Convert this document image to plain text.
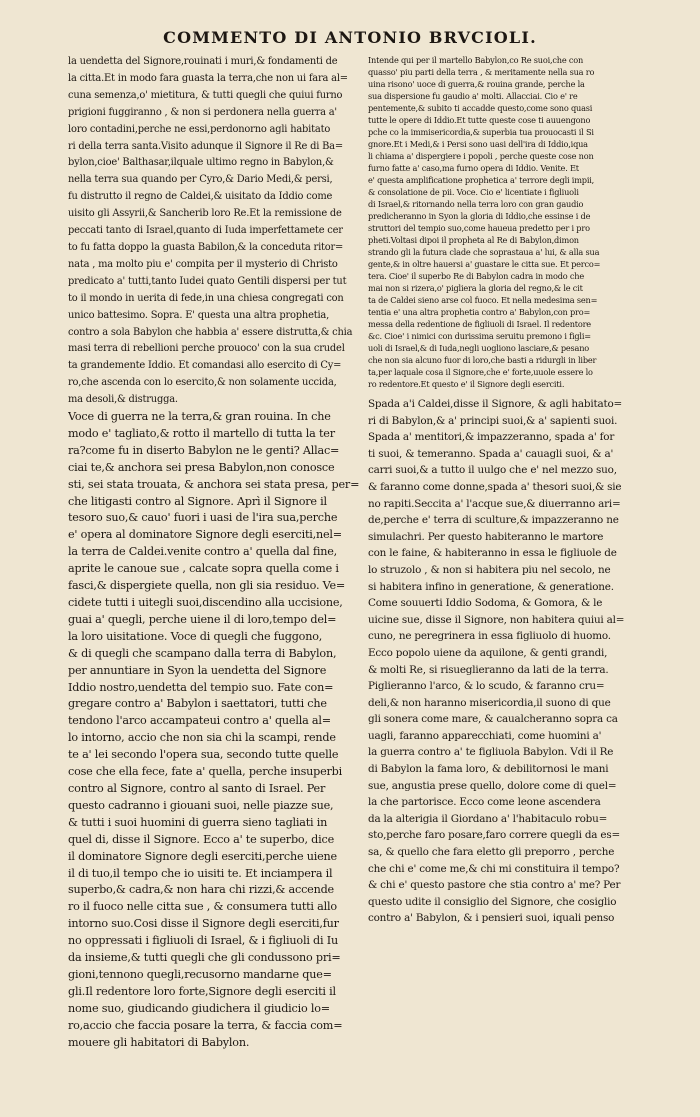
COMMENTO DI ANTONIO BRVCIOLI.
la uendetta del Signore,rouinati i muri,& fondamenti de
la citta.Et in modo fara guasta la terra,che non ui fara al=
cuna semenza,o' mietitura, & tutti quegli che quiui furno
prigioni fuggiranno , & non si perdonera nella guerra a'
loro contadini,perche ne essi,perdonorno agli habitato
ri della terra santa.Visito adunque il Signore il Re di Ba=
bylon,cioe' Balthasar,ilquale ultimo regno in Babylon,&
nella terra sua quando per Cyro,& Dario Medi,& persi,
fu distrutto il regno de Caldei,& uisitato da Iddio come
uisito gli Assyrii,& Sancherib loro Re.Et la remissione de
peccati tanto di Israel,quanto di Iuda imperfettamete cer
to fu fatta doppo la guasta Babilon,& la conceduta ritor=
nata , ma molto piu e' compita per il mysterio di Christo
predicato a' tutti,tanto Iudei quato Gentili dispersi per tut
to il mondo in uerita di fede,in una chiesa congregati con
unico battesimo. Sopra. E' questa una altra prophetia,
contro a sola Babylon che habbia a' essere distrutta,& chia
masi terra di rebellioni perche prouoco' con la sua crudel
ta grandemente Iddio. Et comandasi allo esercito di Cy=
ro,che ascenda con lo esercito,& non solamente uccida,
ma desoli,& distrugga.
Voce di guerra ne la terra,& gran rouina. In che
modo e' tagliato,& rotto il martello di tutta la ter
ra?come fu in diserto Babylon ne le genti? Allac=
ciai te,& anchora sei presa Babylon,non conosce
sti, sei stata trouata, & anchora sei stata presa, per=
che litigasti contro al Signore. Aprì il Signore il
tesoro suo,& cauo' fuori i uasi de l'ira sua,perche
e' opera al dominatore Signore degli eserciti,nel=
la terra de Caldei.venite contro a' quella dal fine,
aprite le canoue sue , calcate sopra quella come i
fasci,& dispergiete quella, non gli sia residuo. Ve=
cidete tutti i uitegli suoi,discendino alla uccisione,
guai a' quegli, perche uiene il di loro,tempo del=
la loro uisitatione. Voce di quegli che fuggono,
& di quegli che scampano dalla terra di Babylon,
per annuntiare in Syon la uendetta del Signore
Iddio nostro,uendetta del tempio suo. Fate con=
gregare contro a' Babylon i saettatori, tutti che
tendono l'arco accampateui contro a' quella al=
lo intorno, accio che non sia chi la scampi, rende
te a' lei secondo l'opera sua, secondo tutte quelle
cose che ella fece, fate a' quella, perche insuperbi
contro al Signore, contro al santo di Israel. Per
questo cadranno i giouani suoi, nelle piazze sue,
& tutti i suoi huomini di guerra sieno tagliati in
quel di, disse il Signore. Ecco a' te superbo, dice
il dominatore Signore degli eserciti,perche uiene
il di tuo,il tempo che io uisiti te. Et inciampera il
superbo,& cadra,& non hara chi rizzi,& accende
ro il fuoco nelle citta sue , & consumera tutti allo
intorno suo.Cosi disse il Signore degli eserciti,fur
no oppressati i figliuoli di Israel, & i figliuoli di Iu
da insieme,& tutti quegli che gli condussono pri=
gioni,tennono quegli,recusorno mandarne que=
gli.Il redentore loro forte,Signore degli eserciti il
nome suo, giudicando giudichera il giudicio lo=
ro,accio che faccia posare la terra, & faccia com=
mouere gli habitatori di Babylon.
Intende qui per il martello Babylon,co Re suoi,che con
quasso' piu parti della terra , & meritamente nella sua ro
uina risono' uoce di guerra,& rouina grande, perche la
sua dispersione fu gaudio a' molti. Allacciai. Cio e' re
pentemente,& subito ti accadde questo,come sono quasi
tutte le opere di Iddio.Et tutte queste cose ti auuengono
pche co la immisericordia,& superbia tua prouocasti il Si
gnore.Et i Medi,& i Persi sono uasi dell'ira di Iddio,iqua
li chiama a' dispergiere i popoli , perche queste cose non
furno fatte a' caso,ma furno opera di Iddio. Venite. Et
e' questa amplificatione prophetica a' terrore degli impii,
& consolatione de pii. Voce. Cio e' licentiate i figliuoli
di Israel,& ritornando nella terra loro con gran gaudio
predicheranno in Syon la gloria di Iddio,che essinse i de
struttori del tempio suo,come haueua predetto per i pro
pheti.Voltasi dipoi il propheta al Re di Babylon,dimon
strando gli la futura clade che soprastaua a' lui, & alla sua
gente,& in oltre hauersi a' guastare le citta sue. Et perco=
tera. Cioe' il superbo Re di Babylon cadra in modo che
mai non si rizera,o' pigliera la gloria del regno,& le cit
ta de Caldei sieno arse col fuoco. Et nella medesima sen=
tentia e' una altra prophetia contro a' Babylon,con pro=
messa della redentione de figliuoli di Israel. Il redentore
&c. Cioe' i nimici con durissima seruitu premono i figli=
uoli di Israel,& di Iuda,negli uogliono lasciare,& pesano
che non sia alcuno fuor di loro,che basti a ridurgli in liber
ta,per laquale cosa il Signore,che e' forte,uuole essere lo
ro redentore.Et questo e' il Signore degli eserciti.
Spada a'i Caldei,disse il Signore, & agli habitato=
ri di Babylon,& a' principi suoi,& a' sapienti suoi.
Spada a' mentitori,& impazzeranno, spada a' for
ti suoi, & temeranno. Spada a' cauagli suoi, & a'
carri suoi,& a tutto il uulgo che e' nel mezzo suo,
& faranno come donne,spada a' thesori suoi,& sie
no rapiti.Seccita a' l'acque sue,& diuerranno ari=
de,perche e' terra di sculture,& impazzeranno ne
simulachri. Per questo habiteranno le martore
con le faine, & habiteranno in essa le figliuole de
lo struzolo , & non si habitera piu nel secolo, ne
si habitera infino in generatione, & generatione.
Come souuerti Iddio Sodoma, & Gomora, & le
uicine sue, disse il Signore, non habitera quiui al=
cuno, ne peregrinera in essa figliuolo di huomo.
Ecco popolo uiene da aquilone, & genti grandi,
& molti Re, si risueglieranno da lati de la terra.
Piglieranno l'arco, & lo scudo, & faranno cru=
deli,& non haranno misericordia,il suono di que
gli sonera come mare, & caualcheranno sopra ca
uagli, faranno apparecchiati, come huomini a'
la guerra contro a' te figliuola Babylon. Vdi il Re
di Babylon la fama loro, & debilitornosi le mani
sue, angustia prese quello, dolore come di quel=
la che partorisce. Ecco come leone ascendera
da la alterigia il Giordano a' l'habitaculo robu=
sto,perche faro posare,faro correre quegli da es=
sa, & quello che fara eletto gli preporro , perche
che chi e' come me,& chi mi constituira il tempo?
& chi e' questo pastore che stia contro a' me? Per
questo udite il consiglio del Signore, che cosiglio
contro a' Babylon, & i pensieri suoi, iquali penso
